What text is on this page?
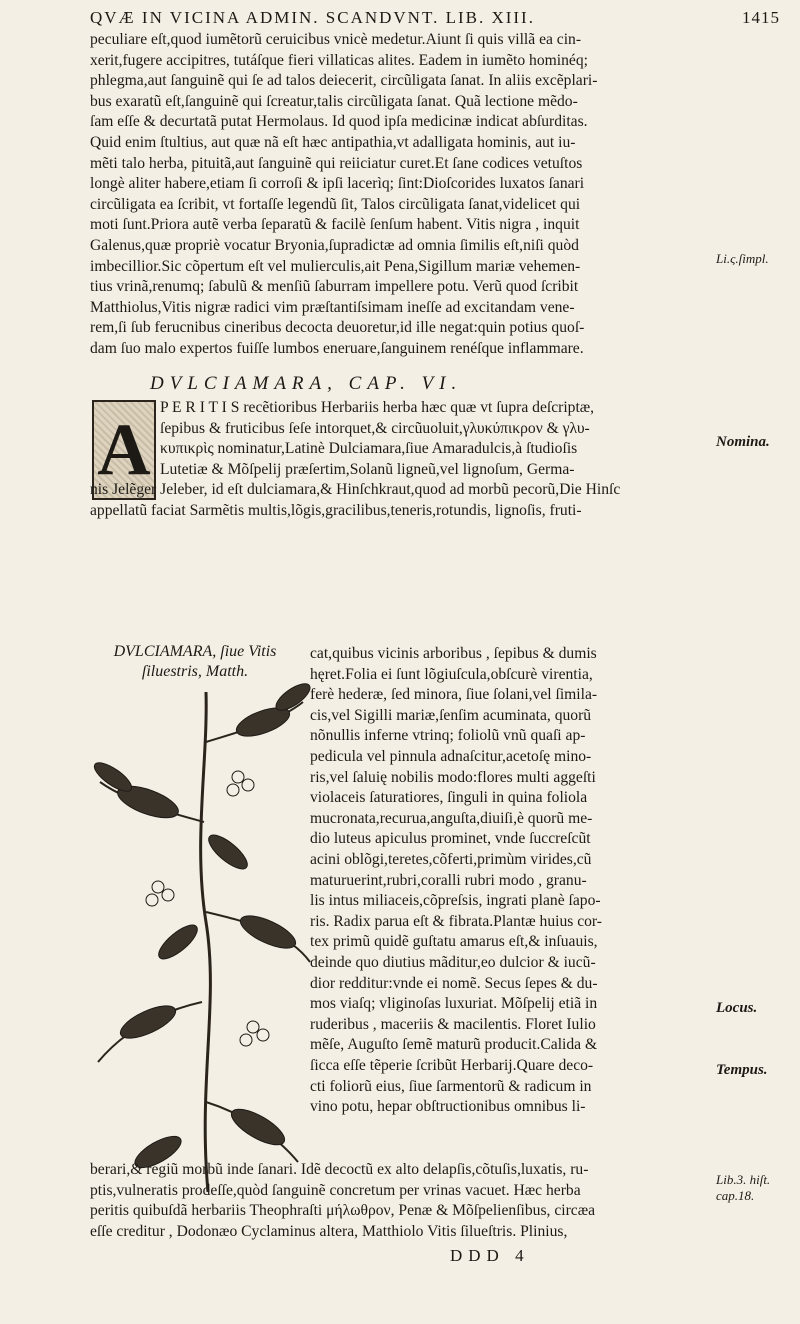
QVÆ IN VICINA ADMIN. SCANDVNT. LIB. XIII.	1415
peculiare eſt,quod iumẽtorũ ceruicibus vnicè medetur.Aiunt ſi quis villã ea cin-
xerit,fugere accipitres, tutáſque fieri villaticas alites. Eadem in iumẽto hominéq;
phlegma,aut ſanguinẽ qui ſe ad talos deiecerit, circũligata ſanat. In aliis excẽplari-
bus exaratũ eſt,ſanguinẽ qui ſcreatur,talis circũligata ſanat. Quã lectione mẽdo-
ſam eſſe & decurtatã putat Hermolaus. Id quod ipſa medicinæ indicat abſurditas.
Quid enim ſtultius, aut quæ nã eſt hæc antipathia,vt adalligata hominis, aut iu-
mẽti talo herba, pituitã,aut ſanguinẽ qui reiiciatur curet.Et ſane codices vetuſtos
longè aliter habere,etiam ſi corroſi & ipſi lacerìq; ſint:Dioſcorides luxatos ſanari
circũligata ea ſcribit, vt fortaſſe legendũ ſit, Talos circũligata ſanat,videlicet qui
moti ſunt.Priora autẽ verba ſeparatũ & facilè ſenſum habent. Vitis nigra , inquit
Galenus,quæ propriè vocatur Bryonia,ſupradictæ ad omnia ſimilis eſt,niſi quòd
imbecillior.Sic cõpertum eſt vel mulierculis,ait Pena,Sigillum mariæ vehemen-
tius vrinã,renumq; ſabulũ & menſiũ ſaburram impellere potu. Verũ quod ſcribit
Matthiolus,Vitis nigræ radici vim præſtantiſsimam ineſſe ad excitandam vene-
rem,ſi ſub ferucnibus cineribus decocta deuoretur,id ille negat:quin potius quoſ-
dam ſuo malo expertos fuiſſe lumbos eneruare,ſanguinem renéſque inflammare.
DVLCIAMARA, CAP. VI.
A
P E R I T I S recẽtioribus Herbariis herba hæc quæ vt ſupra deſcriptæ,
ſepibus & fruticibus ſeſe intorquet,& circũuoluit,γλυκύπικρον & γλυ-
κυπικρὶς nominatur,Latinè Dulciamara,ſiue Amaradulcis,à ſtudioſis
Lutetiæ & Mõſpelij præſertim,Solanũ ligneũ,vel lignoſum, Germa-
nis Jelẽger Jeleber, id eſt dulciamara,& Hinſchkraut,quod ad morbũ pecorũ,Die Hinſc
appellatũ faciat Sarmẽtis multis,lõgis,gracilibus,teneris,rotundis, lignoſis, fruti-
DVLCIAMARA, ſiue Vitis ſiluestris, Matth.
cat,quibus vicinis arboribus , ſepibus & dumis
hęret.Folia ei ſunt lõgiuſcula,obſcurè virentia,
ferè hederæ, ſed minora, ſiue ſolani,vel ſimila-
cis,vel Sigilli mariæ,ſenſim acuminata, quorũ
nõnullis inferne vtrinq; foliolũ vnũ quaſi ap-
pedicula vel pinnula adnaſcitur,acetoſę mino-
ris,vel ſaluię nobilis modo:flores multi aggeſti
violaceis ſaturatiores, ſinguli in quina foliola
mucronata,recurua,anguſta,diuiſi,è quorũ me-
dio luteus apiculus prominet, vnde ſuccreſcũt
acini oblõgi,teretes,cõferti,primùm virides,cũ
maturuerint,rubri,coralli rubri modo , granu-
lis intus miliaceis,cõpreſsis, ingrati planè ſapo-
ris. Radix parua eſt & fibrata.Plantæ huius cor-
tex primũ quidẽ guſtatu amarus eſt,& inſuauis,
deinde quo diutius mãditur,eo dulcior & iucũ-
dior redditur:vnde ei nomẽ. Secus ſepes & du-
mos viaſq; vliginoſas luxuriat. Mõſpelij etiã in
ruderibus , maceriis & macilentis. Floret Iulio
mẽſe, Auguſto ſemẽ maturũ producit.Calida &
ſicca eſſe tẽperie ſcribũt Herbarij.Quare deco-
cti foliorũ eius, ſiue ſarmentorũ & radicum in
vino potu, hepar obſtructionibus omnibus li-
berari,& regiũ morbũ inde ſanari. Idẽ decoctũ ex alto delapſis,cõtuſis,luxatis, ru-
ptis,vulneratis prodeſſe,quòd ſanguinẽ concretum per vrinas vacuet. Hæc herba
peritis quibuſdã herbariis Theophraſti μήλωθρον, Penæ & Mõſpelienſibus, circæa
eſſe creditur , Dodonæo Cyclaminus altera, Matthiolo Vitis ſilueſtris. Plinius,
DDD 4
Li.ς.ſimpl.
Nomina.
Locus.
Tempus.
Lib.3. hiſt. cap.18.
